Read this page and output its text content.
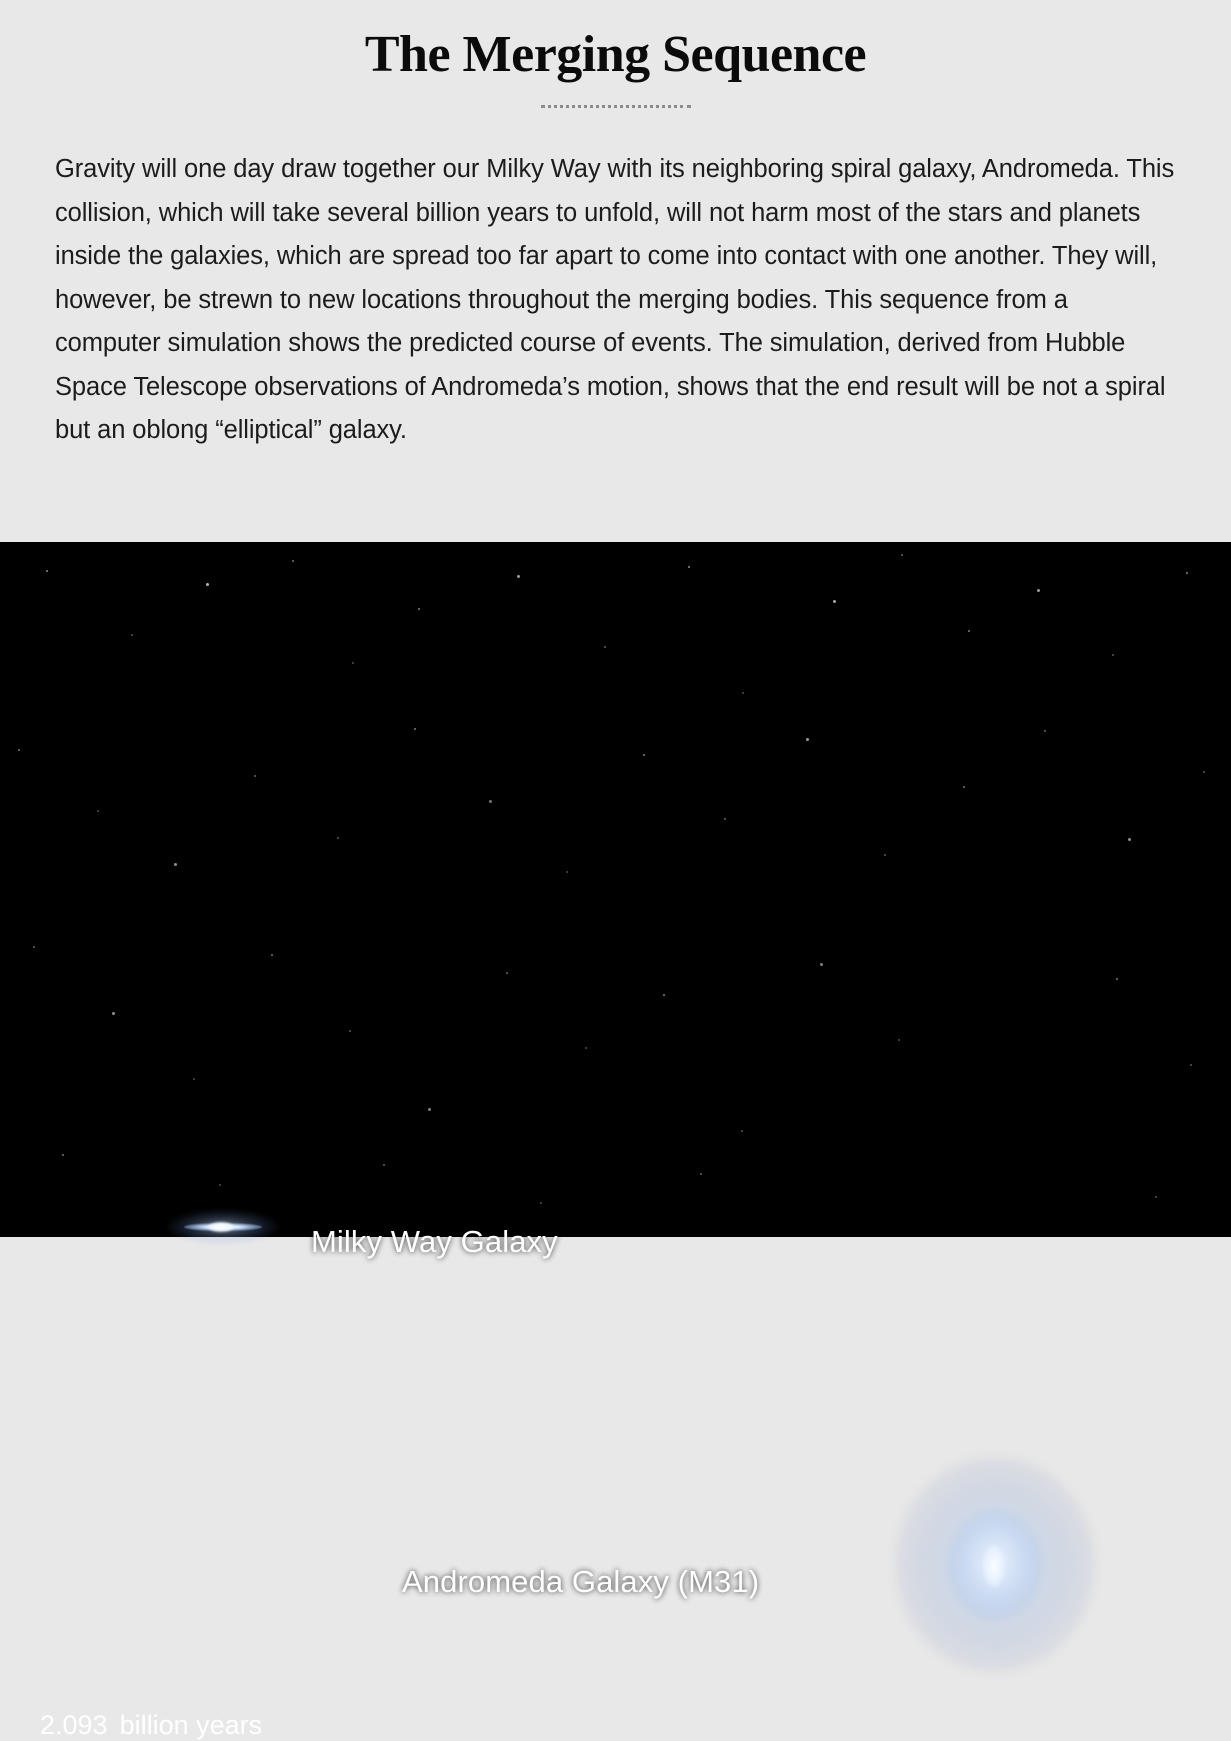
The Merging Sequence

Gravity will one day draw together our Milky Way with its neighboring spiral galaxy, Andromeda. This collision, which will take several billion years to unfold, will not harm most of the stars and planets inside the galaxies, which are spread too far apart to come into contact with one another. They will, however, be strewn to new locations throughout the merging bodies. This sequence from a computer simulation shows the predicted course of events. The simulation, derived from Hubble Space Telescope observations of Andromeda’s motion, shows that the end result will be not a spiral but an oblong “elliptical” galaxy.

Milky Way Galaxy
Andromeda Galaxy (M31)
2.093 billion years
